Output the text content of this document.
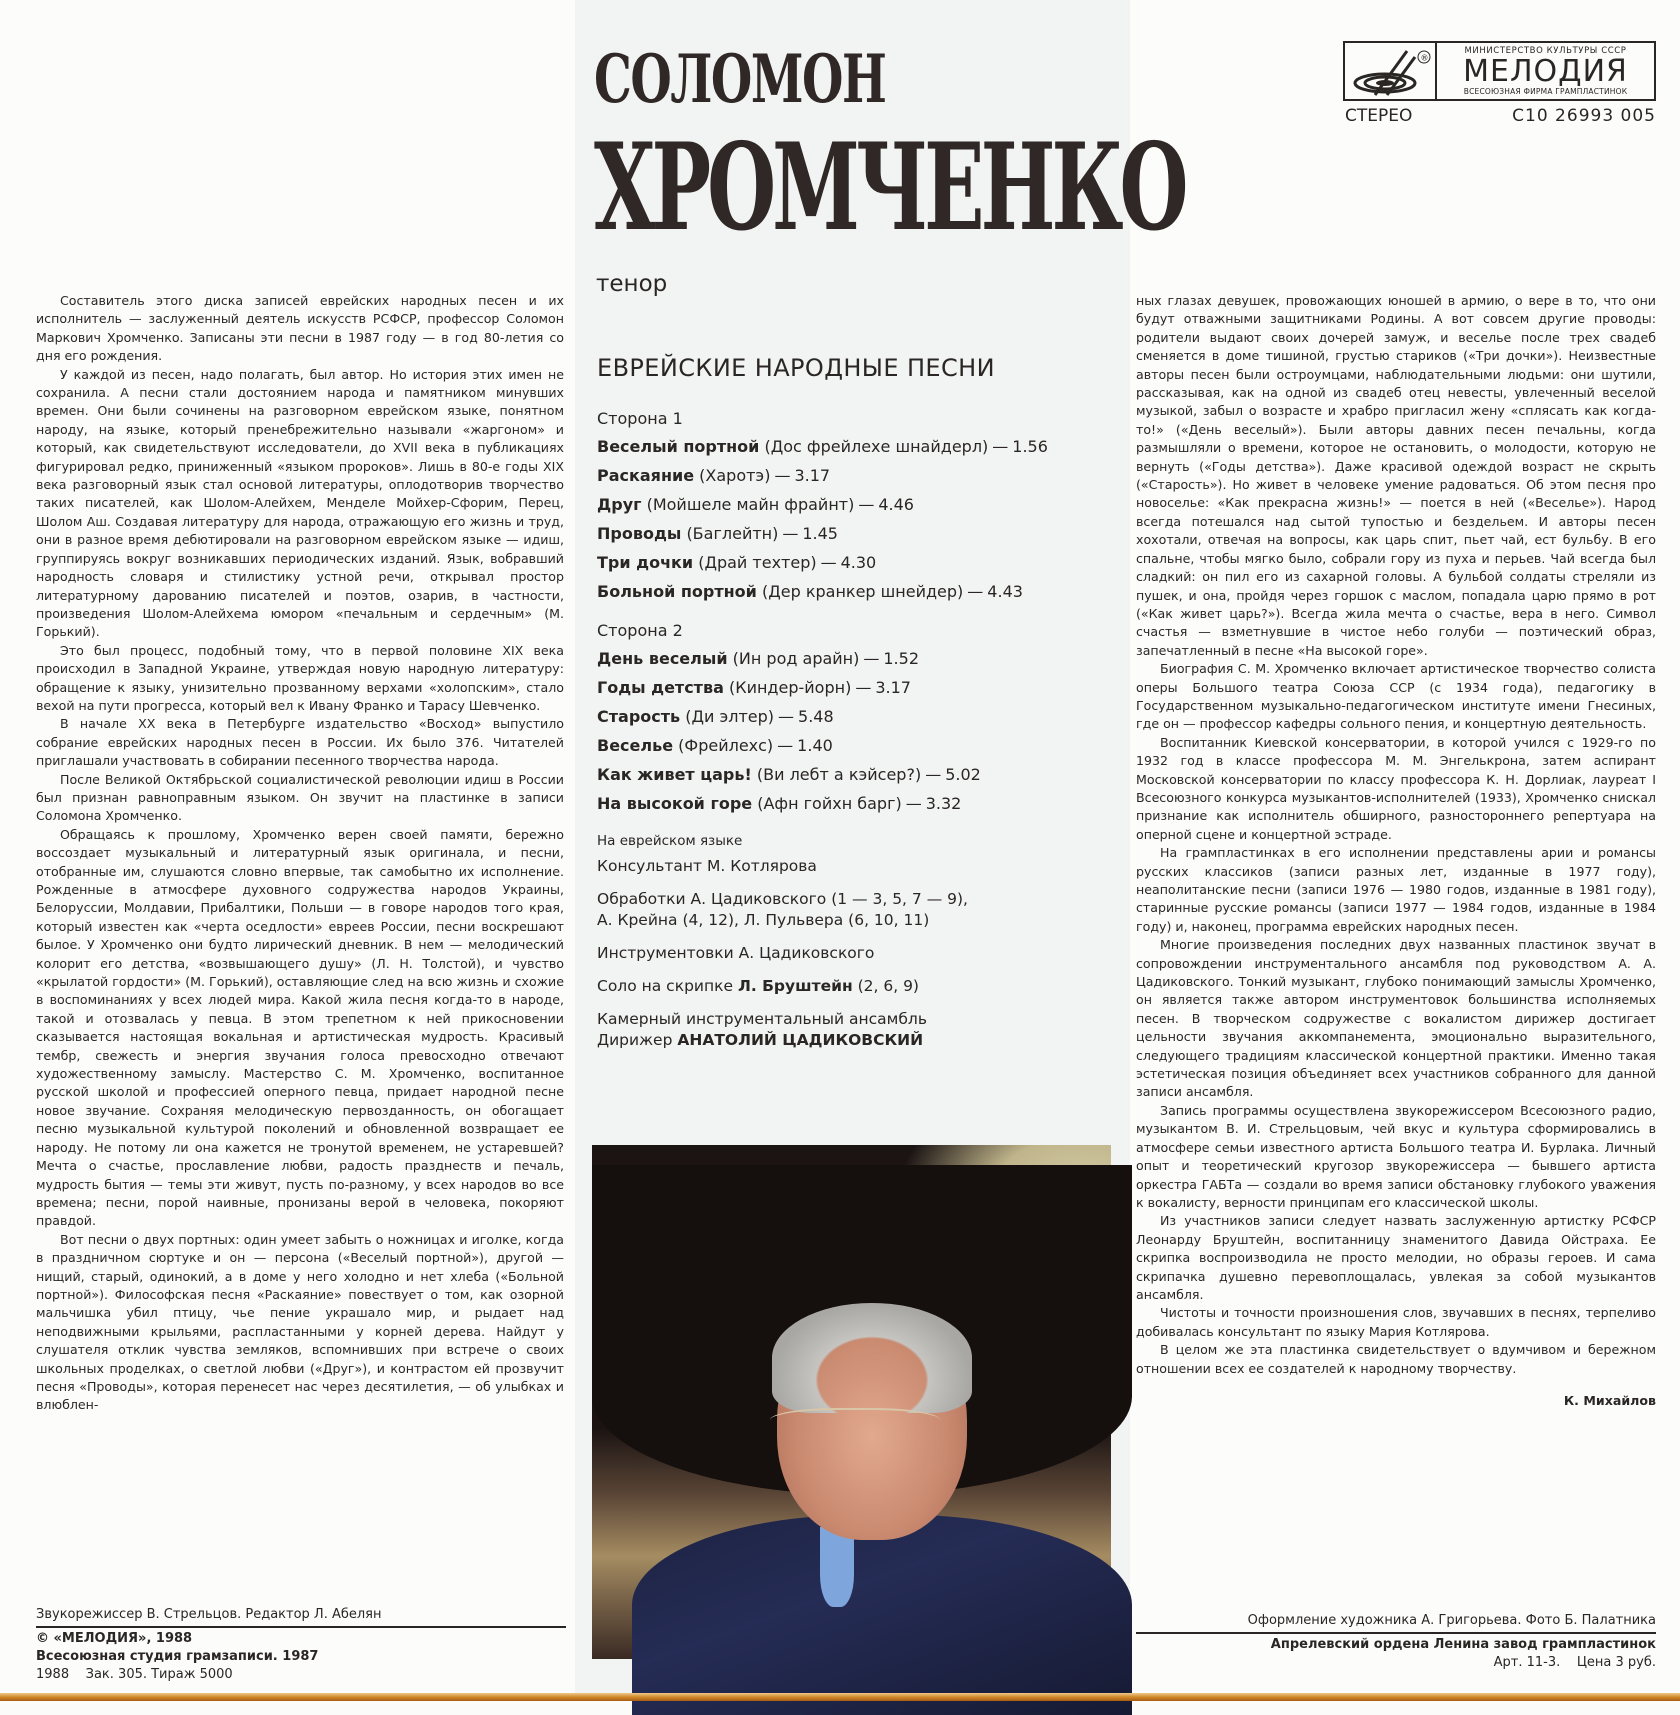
Составитель этого диска записей еврейских народных песен и их исполнитель — заслуженный деятель искусств РСФСР, профессор Соломон Маркович Хромченко. Записаны эти песни в 1987 году — в год 80-летия со дня его рождения.

У каждой из песен, надо полагать, был автор. Но история этих имен не сохранила. А песни стали достоянием народа и памятником минувших времен. Они были сочинены на разговорном еврейском языке, понятном народу, на языке, который пренебрежительно называли «жаргоном» и который, как свидетельствуют исследователи, до XVII века в публикациях фигурировал редко, приниженный «языком пророков». Лишь в 80-е годы XIX века разговорный язык стал основой литературы, оплодотворив творчество таких писателей, как Шолом-Алейхем, Менделе Мойхер-Сфорим, Перец, Шолом Аш. Создавая литературу для народа, отражающую его жизнь и труд, они в разное время дебютировали на разговорном еврейском языке — идиш, группируясь вокруг возникавших периодических изданий. Язык, вобравший народность словаря и стилистику устной речи, открывал простор литературному дарованию писателей и поэтов, озарив, в частности, произведения Шолом-Алейхема юмором «печальным и сердечным» (М. Горький).

Это был процесс, подобный тому, что в первой половине XIX века происходил в Западной Украине, утверждая новую народную литературу: обращение к языку, унизительно прозванному верхами «холопским», стало вехой на пути прогресса, который вел к Ивану Франко и Тарасу Шевченко.

В начале XX века в Петербурге издательство «Восход» выпустило собрание еврейских народных песен в России. Их было 376. Читателей приглашали участвовать в собирании песенного творчества народа.

После Великой Октябрьской социалистической революции идиш в России был признан равноправным языком. Он звучит на пластинке в записи Соломона Хромченко.

Обращаясь к прошлому, Хромченко верен своей памяти, бережно воссоздает музыкальный и литературный язык оригинала, и песни, отобранные им, слушаются словно впервые, так самобытно их исполнение. Рожденные в атмосфере духовного содружества народов Украины, Белоруссии, Молдавии, Прибалтики, Польши — в говоре народов того края, который известен как «черта оседлости» евреев России, песни воскрешают былое. У Хромченко они будто лирический дневник. В нем — мелодический колорит его детства, «возвышающего душу» (Л. Н. Толстой), и чувство «крылатой гордости» (М. Горький), оставляющие след на всю жизнь и схожие в воспоминаниях у всех людей мира. Какой жила песня когда-то в народе, такой и отозвалась у певца. В этом трепетном к ней прикосновении сказывается настоящая вокальная и артистическая мудрость. Красивый тембр, свежесть и энергия звучания голоса превосходно отвечают художественному замыслу. Мастерство С. М. Хромченко, воспитанное русской школой и профессией оперного певца, придает народной песне новое звучание. Сохраняя мелодическую первозданность, он обогащает песню музыкальной культурой поколений и обновленной возвращает ее народу. Не потому ли она кажется не тронутой временем, не устаревшей? Мечта о счастье, прославление любви, радость празднеств и печаль, мудрость бытия — темы эти живут, пусть по-разному, у всех народов во все времена; песни, порой наивные, пронизаны верой в человека, покоряют правдой.

Вот песни о двух портных: один умеет забыть о ножницах и иголке, когда в праздничном сюртуке и он — персона («Веселый портной»), другой — нищий, старый, одинокий, а в доме у него холодно и нет хлеба («Больной портной»). Философская песня «Раскаяние» повествует о том, как озорной мальчишка убил птицу, чье пение украшало мир, и рыдает над неподвижными крыльями, распластанными у корней дерева. Найдут у слушателя отклик чувства земляков, вспомнивших при встрече о своих школьных проделках, о светлой любви («Друг»), и контрастом ей прозвучит песня «Проводы», которая перенесет нас через десятилетия, — об улыбках и влюблен-

СОЛОМОН
ХРОМЧЕНКО
тенор
®
МИНИСТЕРСТВО КУЛЬТУРЫ СССР
МЕЛОДИЯ
ВСЕСОЮЗНАЯ ФИРМА ГРАМПЛАСТИНОК
СТЕРЕО	С10 26993 005
ЕВРЕЙСКИЕ НАРОДНЫЕ ПЕСНИ
Сторона 1
Веселый портной (Дос фрейлехе шнайдерл) — 1.56
Раскаяние (Харотэ) — 3.17
Друг (Мойшеле майн фрайнт) — 4.46
Проводы (Баглейтн) — 1.45
Три дочки (Драй техтер) — 4.30
Больной портной (Дер кранкер шнейдер) — 4.43
Сторона 2
День веселый (Ин род арайн) — 1.52
Годы детства (Киндер-йорн) — 3.17
Старость (Ди элтер) — 5.48
Веселье (Фрейлехс) — 1.40
Как живет царь! (Ви лебт а кэйсер?) — 5.02
На высокой горе (Афн гойхн барг) — 3.32
На еврейском языке
Консультант М. Котлярова
Обработки А. Цадиковского (1 — 3, 5, 7 — 9),
А. Крейна (4, 12), Л. Пульвера (6, 10, 11)
Инструментовки А. Цадиковского
Соло на скрипке Л. Бруштейн (2, 6, 9)
Камерный инструментальный ансамбль
Дирижер АНАТОЛИЙ ЦАДИКОВСКИЙ

ных глазах девушек, провожающих юношей в армию, о вере в то, что они будут отважными защитниками Родины. А вот совсем другие проводы: родители выдают своих дочерей замуж, и веселье после трех свадеб сменяется в доме тишиной, грустью стариков («Три дочки»). Неизвестные авторы песен были остроумцами, наблюдательными людьми: они шутили, рассказывая, как на одной из свадеб отец невесты, увлеченный веселой музыкой, забыл о возрасте и храбро пригласил жену «сплясать как когда-то!» («День веселый»). Были авторы давних песен печальны, когда размышляли о времени, которое не остановить, о молодости, которую не вернуть («Годы детства»). Даже красивой одеждой возраст не скрыть («Старость»). Но живет в человеке умение радоваться. Об этом песня про новоселье: «Как прекрасна жизнь!» — поется в ней («Веселье»). Народ всегда потешался над сытой тупостью и бездельем. И авторы песен хохотали, отвечая на вопросы, как царь спит, пьет чай, ест бульбу. В его спальне, чтобы мягко было, собрали гору из пуха и перьев. Чай всегда был сладкий: он пил его из сахарной головы. А бульбой солдаты стреляли из пушек, и она, пройдя через горшок с маслом, попадала царю прямо в рот («Как живет царь?»). Всегда жила мечта о счастье, вера в него. Символ счастья — взметнувшие в чистое небо голуби — поэтический образ, запечатленный в песне «На высокой горе».

Биография С. М. Хромченко включает артистическое творчество солиста оперы Большого театра Союза ССР (с 1934 года), педагогику в Государственном музыкально-педагогическом институте имени Гнесиных, где он — профессор кафедры сольного пения, и концертную деятельность.

Воспитанник Киевской консерватории, в которой учился с 1929-го по 1932 год в классе профессора М. М. Энгелькрона, затем аспирант Московской консерватории по классу профессора К. Н. Дорлиак, лауреат I Всесоюзного конкурса музыкантов-исполнителей (1933), Хромченко снискал признание как исполнитель обширного, разностороннего репертуара на оперной сцене и концертной эстраде.

На грампластинках в его исполнении представлены арии и романсы русских классиков (записи разных лет, изданные в 1977 году), неаполитанские песни (записи 1976 — 1980 годов, изданные в 1981 году), старинные русские романсы (записи 1977 — 1984 годов, изданные в 1984 году) и, наконец, программа еврейских народных песен.

Многие произведения последних двух названных пластинок звучат в сопровождении инструментального ансамбля под руководством А. А. Цадиковского. Тонкий музыкант, глубоко понимающий замыслы Хромченко, он является также автором инструментовок большинства исполняемых песен. В творческом содружестве с вокалистом дирижер достигает цельности звучания аккомпанемента, эмоционально выразительного, следующего традициям классической концертной практики. Именно такая эстетическая позиция объединяет всех участников собранного для данной записи ансамбля.

Запись программы осуществлена звукорежиссером Всесоюзного радио, музыкантом В. И. Стрельцовым, чей вкус и культура сформировались в атмосфере семьи известного артиста Большого театра И. Бурлака. Личный опыт и теоретический кругозор звукорежиссера — бывшего артиста оркестра ГАБТа — создали во время записи обстановку глубокого уважения к вокалисту, верности принципам его классической школы.

Из участников записи следует назвать заслуженную артистку РСФСР Леонарду Бруштейн, воспитанницу знаменитого Давида Ойстраха. Ее скрипка воспроизводила не просто мелодии, но образы героев. И сама скрипачка душевно перевоплощалась, увлекая за собой музыкантов ансамбля.

Чистоты и точности произношения слов, звучавших в песнях, терпеливо добивалась консультант по языку Мария Котлярова.

В целом же эта пластинка свидетельствует о вдумчивом и бережном отношении всех ее создателей к народному творчеству.

К. Михайлов

Звукорежиссер В. Стрельцов. Редактор Л. Абелян
© «МЕЛОДИЯ», 1988
Всесоюзная студия грамзаписи. 1987
1988 Зак. 305. Тираж 5000
Оформление художника А. Григорьева. Фото Б. Палатника
Апрелевский ордена Ленина завод грампластинок
Арт. 11-3. Цена 3 руб.
